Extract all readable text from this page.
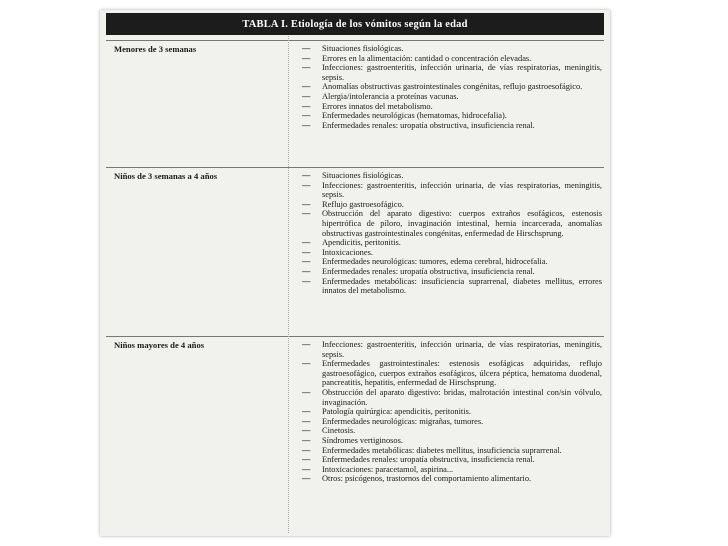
TABLA I. Etiología de los vómitos según la edad
Menores de 3 semanas	— Situaciones fisiológicas.
— Errores en la alimentación: cantidad o concentración elevadas.
— Infecciones: gastroenteritis, infección urinaria, de vías respiratorias, meningitis, sepsis.
— Anomalías obstructivas gastrointestinales congénitas, reflujo gastroesofágico.
— Alergia/intolerancia a proteínas vacunas.
— Errores innatos del metabolismo.
— Enfermedades neurológicas (hematomas, hidrocefalia).
— Enfermedades renales: uropatía obstructiva, insuficiencia renal.
Niños de 3 semanas a 4 años	— Situaciones fisiológicas.
— Infecciones: gastroenteritis, infección urinaria, de vías respiratorias, meningitis, sepsis.
— Reflujo gastroesofágico.
— Obstrucción del aparato digestivo: cuerpos extraños esofágicos, estenosis hipertrófica de píloro, invaginación intestinal, hernia incarcerada, anomalías obstructivas gastrointestinales congénitas, enfermedad de Hirschsprung.
— Apendicitis, peritonitis.
— Intoxicaciones.
— Enfermedades neurológicas: tumores, edema cerebral, hidrocefalia.
— Enfermedades renales: uropatía obstructiva, insuficiencia renal.
— Enfermedades metabólicas: insuficiencia suprarrenal, diabetes mellitus, errores innatos del metabolismo.
Niños mayores de 4 años	— Infecciones: gastroenteritis, infección urinaria, de vías respiratorias, meningitis, sepsis.
— Enfermedades gastrointestinales: estenosis esofágicas adquiridas, reflujo gastroesofágico, cuerpos extraños esofágicos, úlcera péptica, hematoma duodenal, pancreatitis, hepatitis, enfermedad de Hirschsprung.
— Obstrucción del aparato digestivo: bridas, malrotación intestinal con/sin vólvulo, invaginación.
— Patología quirúrgica: apendicitis, peritonitis.
— Enfermedades neurológicas: migrañas, tumores.
— Cinetosis.
— Síndromes vertiginosos.
— Enfermedades metabólicas: diabetes mellitus, insuficiencia suprarrenal.
— Enfermedades renales: uropatía obstructiva, insuficiencia renal.
— Intoxicaciones: paracetamol, aspirina...
— Otros: psicógenos, trastornos del comportamiento alimentario.
